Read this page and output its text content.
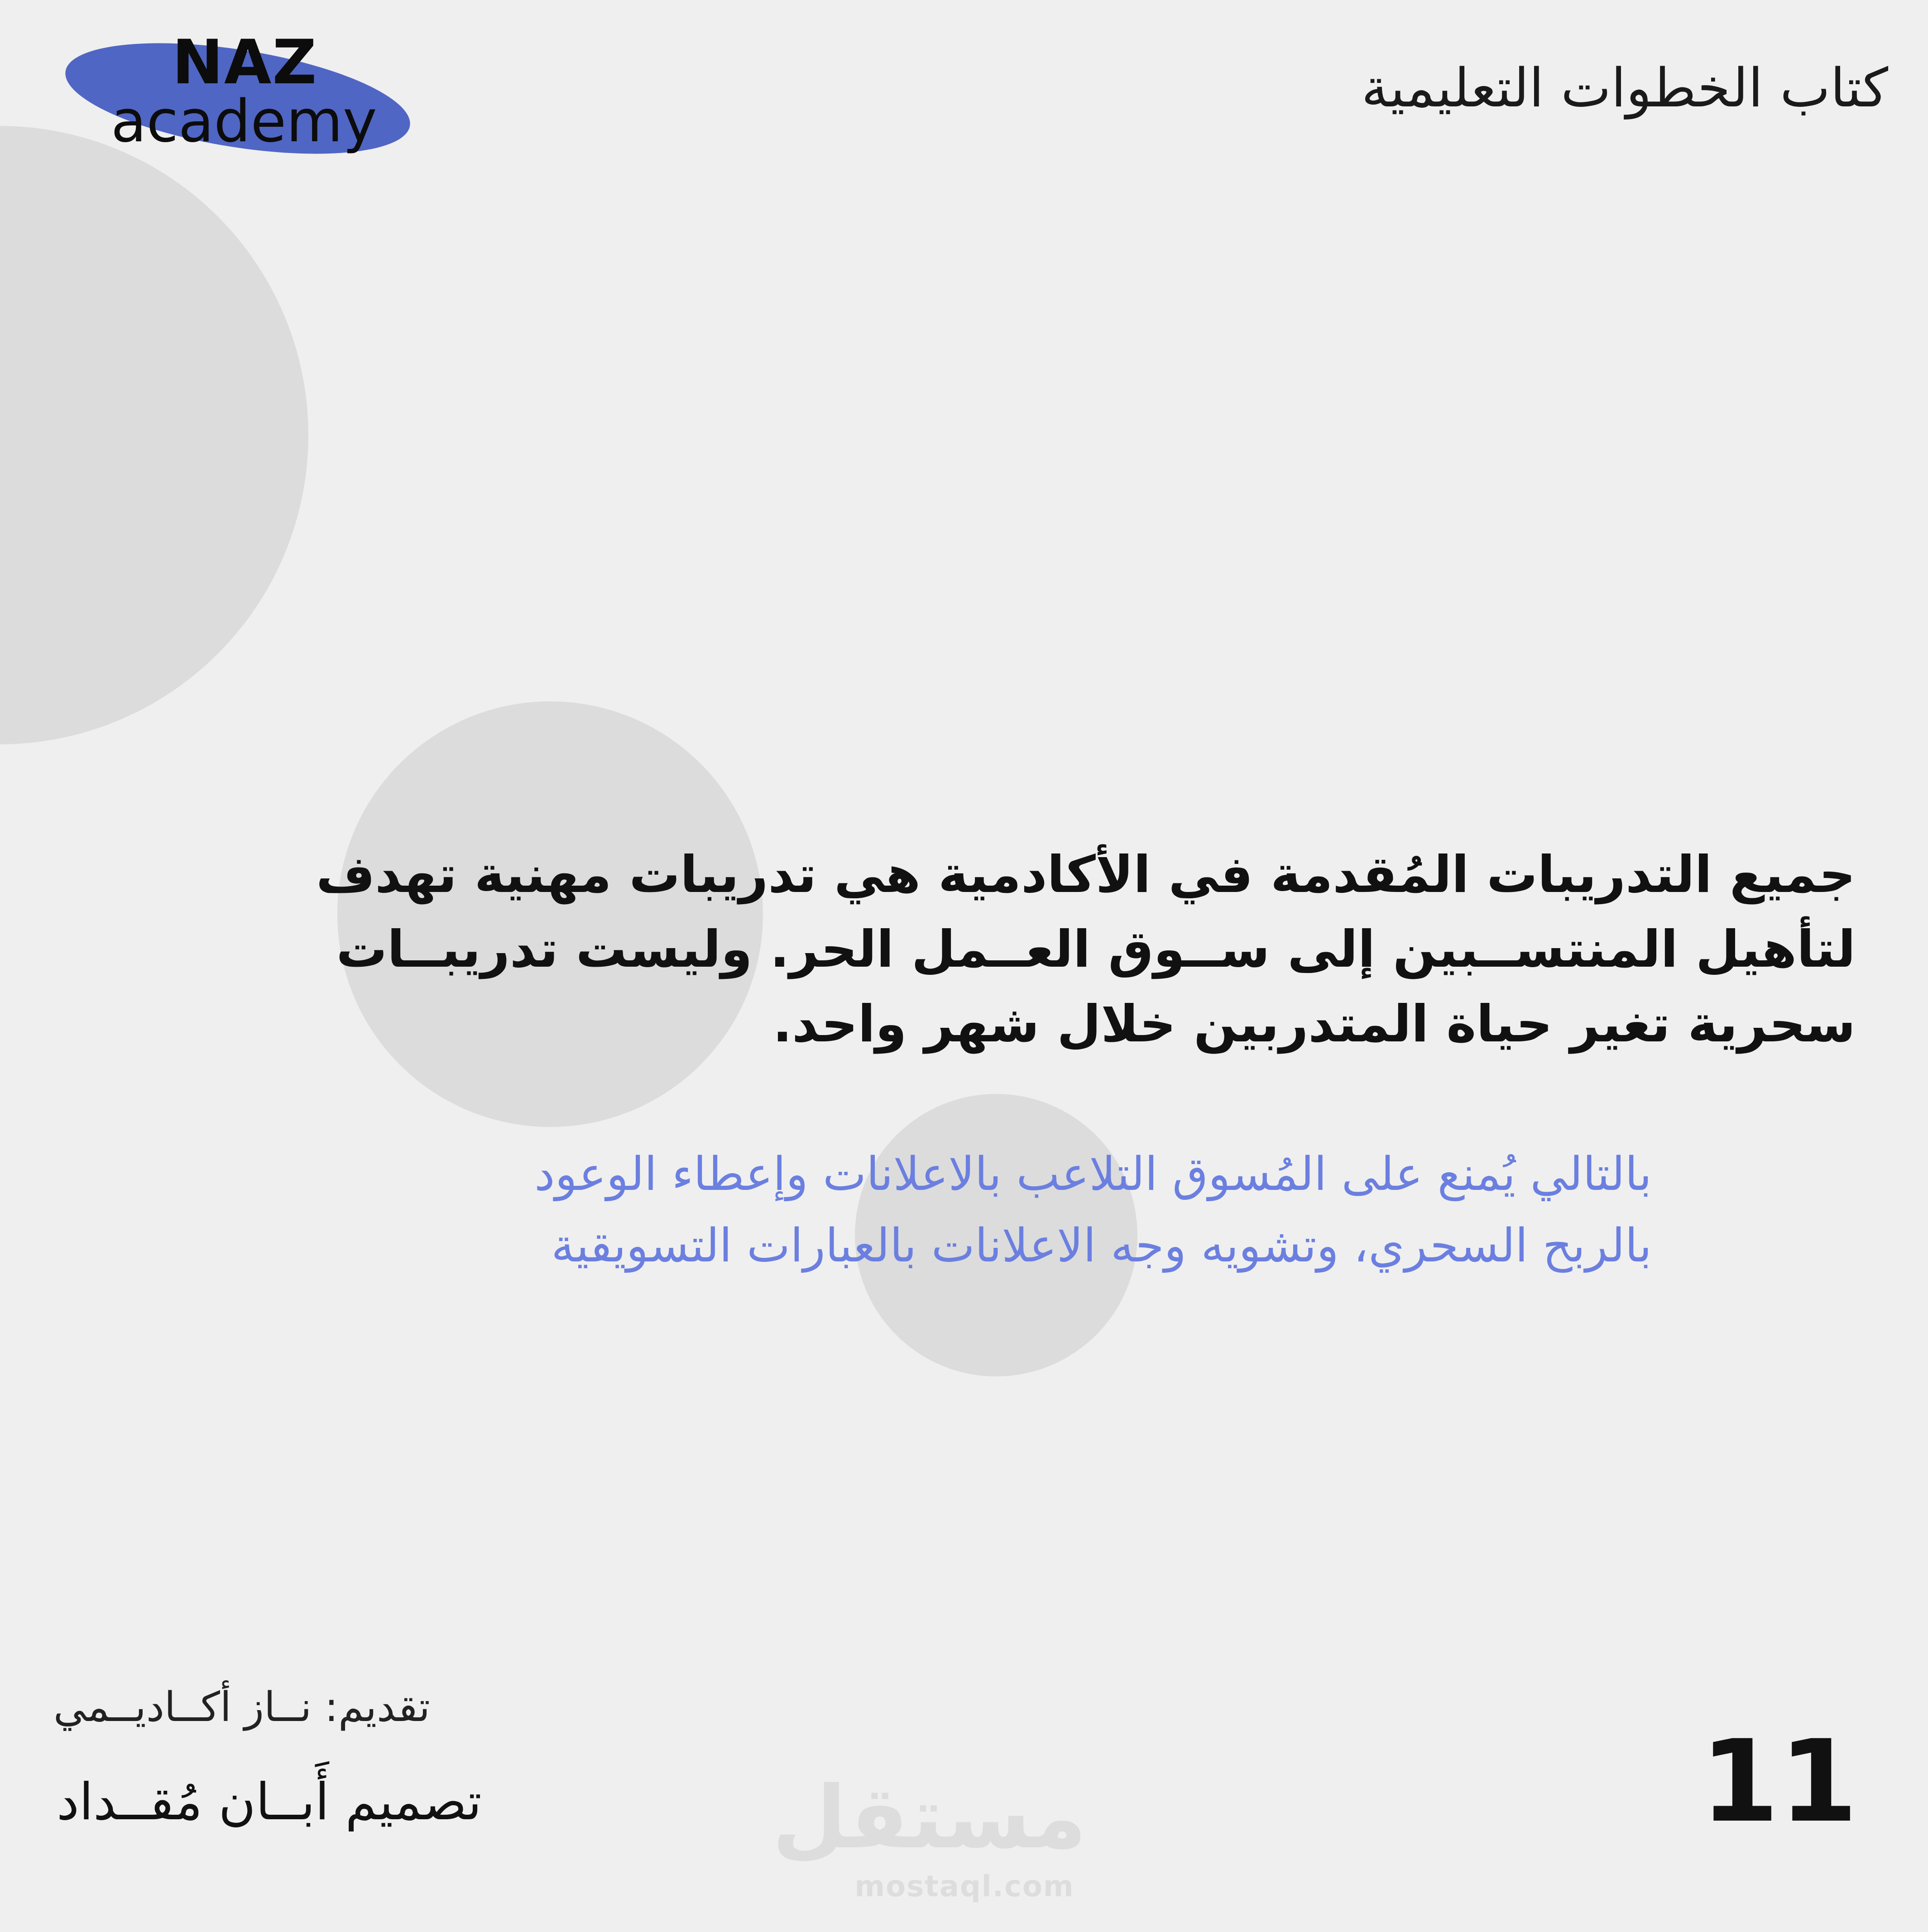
NAZ
academy	كتاب الخطوات التعليمية
جميع التدريبات المُقدمة في الأكادمية هي تدريبات مهنية تهدف
لتأهيل المنتســبين إلى ســوق العــمل الحر. وليست تدريبــات
سحرية تغير حياة المتدربين خلال شهر واحد.
بالتالي يُمنع على المُسوق التلاعب بالاعلانات وإعطاء الوعود
بالربح السحري، وتشويه وجه الاعلانات بالعبارات التسويقية
تقديم: نــاز أكــاديــمي
تصميم أَبــان مُقــداد	11
مستقل
mostaql.com
